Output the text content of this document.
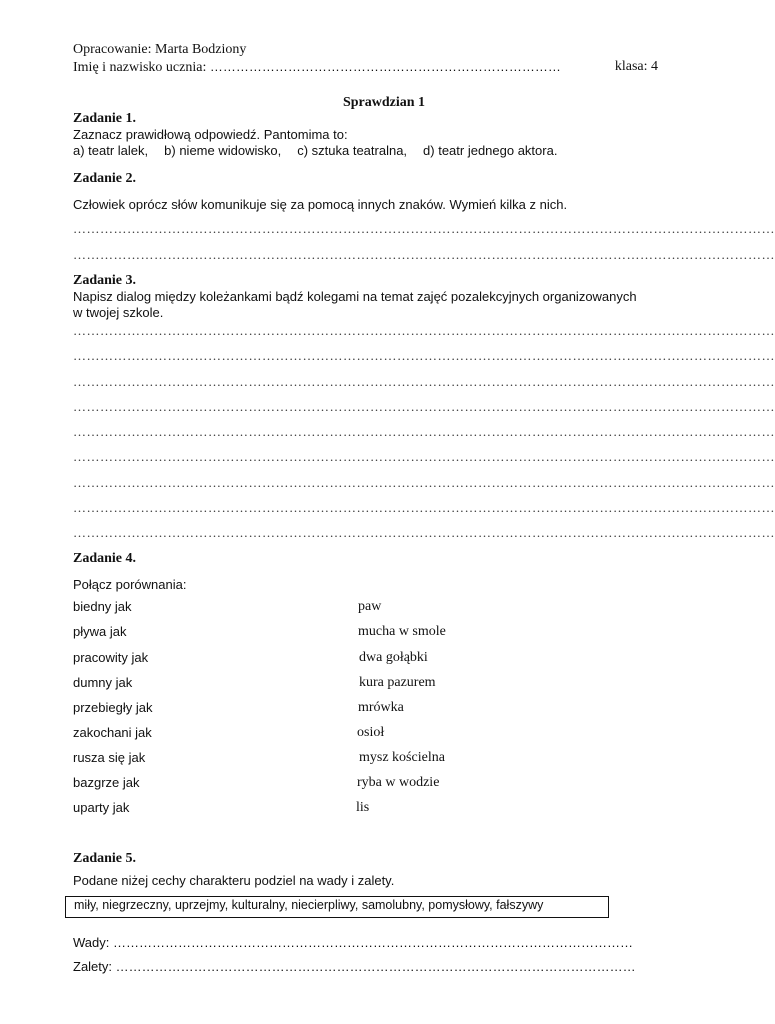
Opracowanie: Marta Bodziony
Imię i nazwisko ucznia: ………………………………………………………………………	klasa: 4
Sprawdzian 1
Zadanie 1.
Zaznacz prawidłową odpowiedź. Pantomima to:
a) teatr lalek, b) nieme widowisko, c) sztuka teatralna, d) teatr jednego aktora.
Zadanie 2.
Człowiek oprócz słów komunikuje się za pomocą innych znaków. Wymień kilka z nich.
…………………………………………………………………………………………………………………………………………
…………………………………………………………………………………………………………………………………………
Zadanie 3.
Napisz dialog między koleżankami bądź kolegami na temat zajęć pozalekcyjnych organizowanych
w twojej szkole.
…………………………………………………………………………………………………………………………………………
…………………………………………………………………………………………………………………………………………
…………………………………………………………………………………………………………………………………………
…………………………………………………………………………………………………………………………………………
…………………………………………………………………………………………………………………………………………
…………………………………………………………………………………………………………………………………………
…………………………………………………………………………………………………………………………………………
…………………………………………………………………………………………………………………………………………
…………………………………………………………………………………………………………………………………………
Zadanie 4.
Połącz porównania:
biedny jak	paw
pływa jak	mucha w smole
pracowity jak	dwa gołąbki
dumny jak	kura pazurem
przebiegły jak	mrówka
zakochani jak	osioł
rusza się jak	mysz kościelna
bazgrze jak	ryba w wodzie
uparty jak	lis
Zadanie 5.
Podane niżej cechy charakteru podziel na wady i zalety.
miły, niegrzeczny, uprzejmy, kulturalny, niecierpliwy, samolubny, pomysłowy, fałszywy
Wady: …………………………………………………………………………………………………………
Zalety: …………………………………………………………………………………………………………
